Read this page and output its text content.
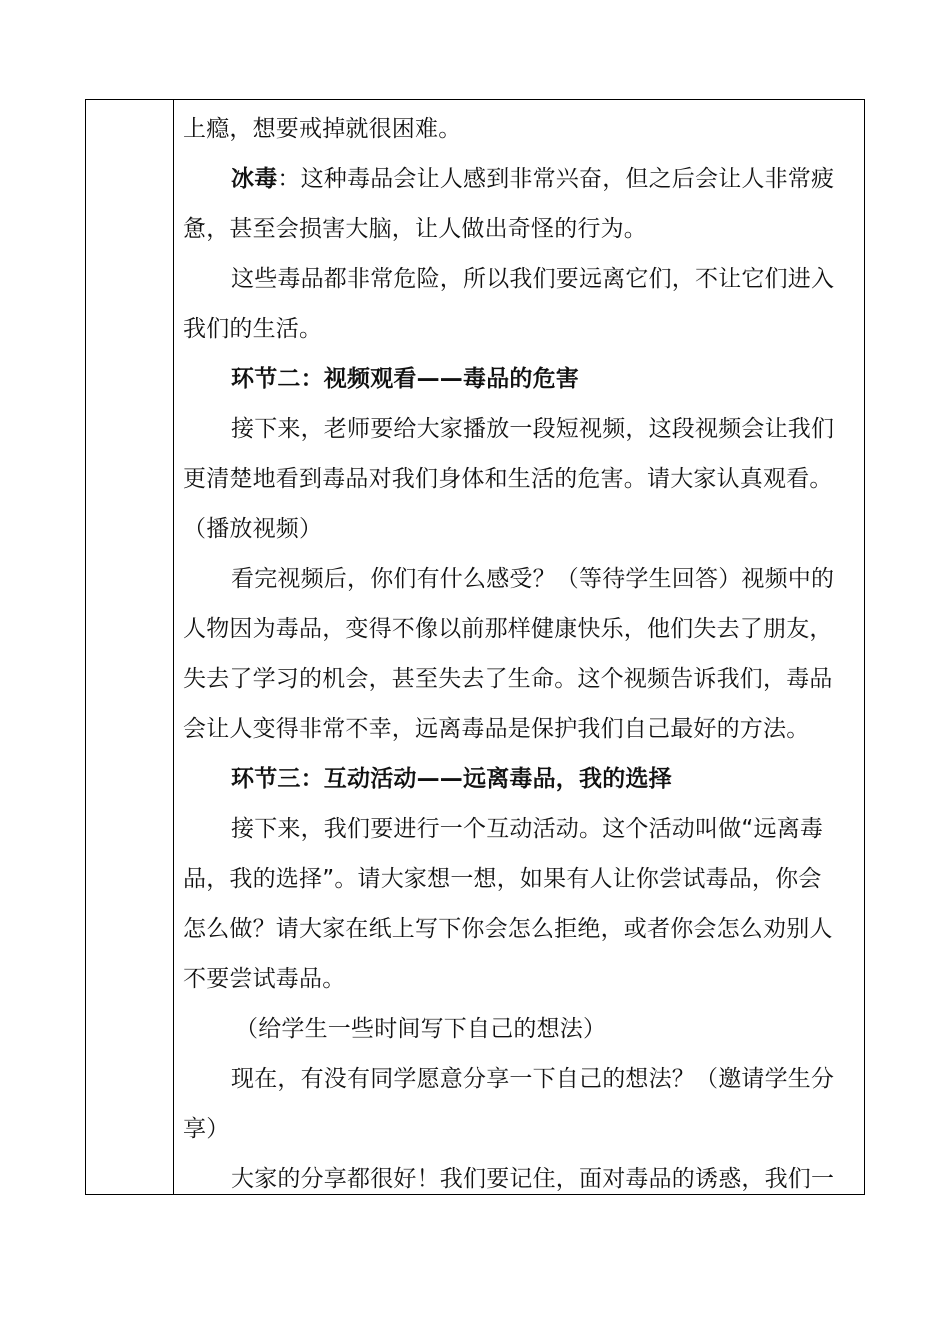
上瘾，想要戒掉就很困难。
冰毒：这种毒品会让人感到非常兴奋，但之后会让人非常疲
惫，甚至会损害大脑，让人做出奇怪的行为。
这些毒品都非常危险，所以我们要远离它们，不让它们进入
我们的生活。
环节二：视频观看——毒品的危害
接下来，老师要给大家播放一段短视频，这段视频会让我们
更清楚地看到毒品对我们身体和生活的危害。请大家认真观看。
（播放视频）
看完视频后，你们有什么感受？（等待学生回答）视频中的
人物因为毒品，变得不像以前那样健康快乐，他们失去了朋友，
失去了学习的机会，甚至失去了生命。这个视频告诉我们，毒品
会让人变得非常不幸，远离毒品是保护我们自己最好的方法。
环节三：互动活动——远离毒品，我的选择
接下来，我们要进行一个互动活动。这个活动叫做“远离毒
品，我的选择”。请大家想一想，如果有人让你尝试毒品，你会
怎么做？请大家在纸上写下你会怎么拒绝，或者你会怎么劝别人
不要尝试毒品。
（给学生一些时间写下自己的想法）
现在，有没有同学愿意分享一下自己的想法？（邀请学生分
享）
大家的分享都很好！我们要记住，面对毒品的诱惑，我们一
